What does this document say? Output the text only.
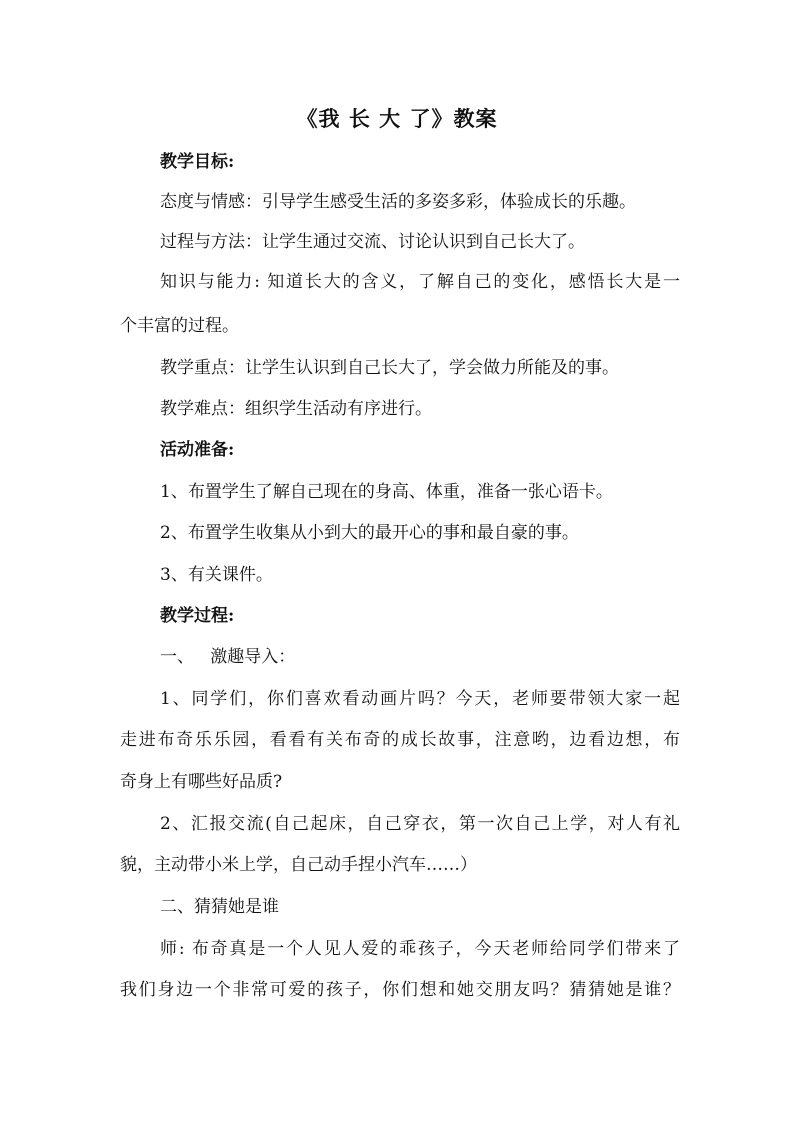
《我 长 大 了》教案
教学目标:
态度与情感：引导学生感受生活的多姿多彩，体验成长的乐趣。
过程与方法：让学生通过交流、讨论认识到自己长大了。
知识与能力: 知道长大的含义，了解自己的变化，感悟长大是一
个丰富的过程。
教学重点：让学生认识到自己长大了，学会做力所能及的事。
教学难点：组织学生活动有序进行。
活动准备:
1、布置学生了解自己现在的身高、体重，准备一张心语卡。
2、布置学生收集从小到大的最开心的事和最自豪的事。
3、有关课件。
教学过程:
一、   激趣导入：
1、同学们，你们喜欢看动画片吗？今天，老师要带领大家一起
走进布奇乐乐园，看看有关布奇的成长故事，注意哟，边看边想，布
奇身上有哪些好品质?
2、汇报交流(自己起床，自己穿衣，第一次自己上学，对人有礼
貌，主动带小米上学，自己动手捏小汽车……）
二、猜猜她是谁
师: 布奇真是一个人见人爱的乖孩子，今天老师给同学们带来了
我们身边一个非常可爱的孩子，你们想和她交朋友吗？猜猜她是谁？
